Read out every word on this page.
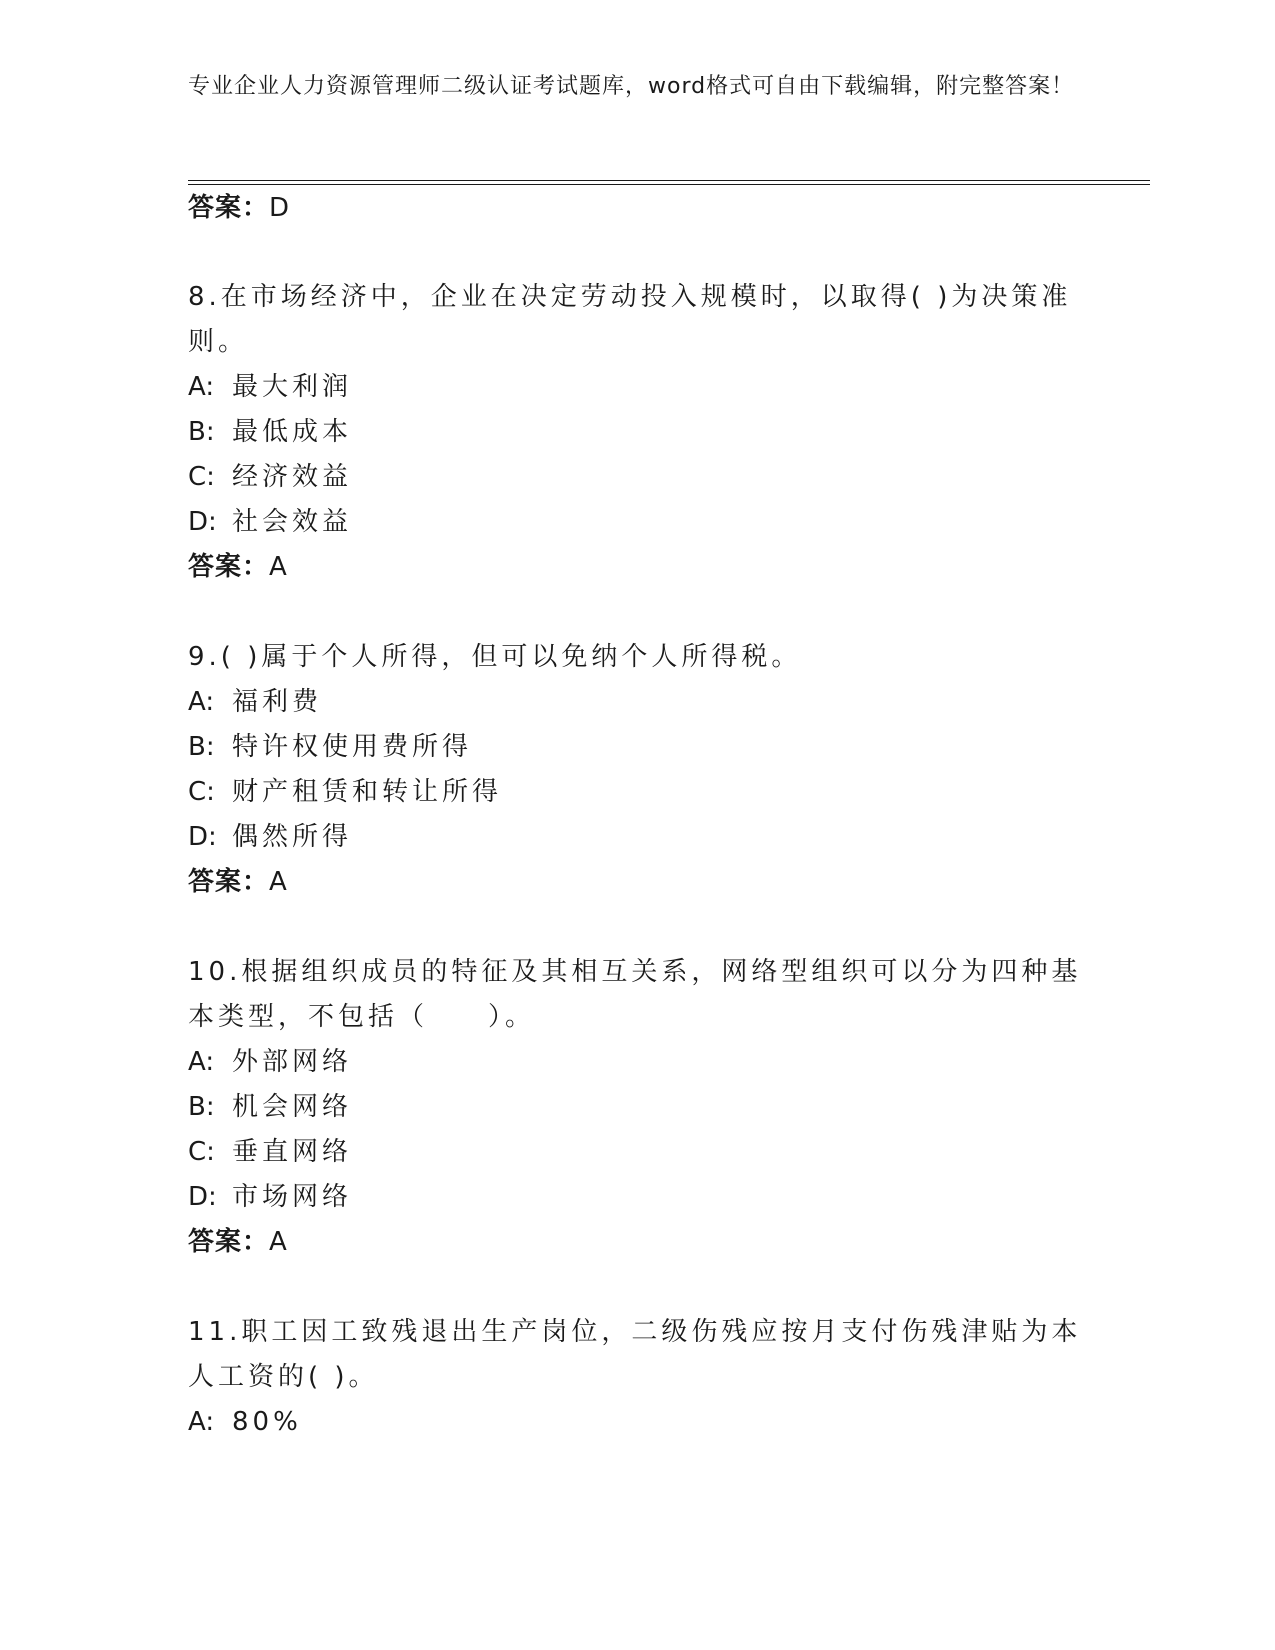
专业企业人力资源管理师二级认证考试题库，word格式可自由下载编辑，附完整答案！
答案：D
8.在市场经济中，企业在决定劳动投入规模时，以取得( )为决策准则。
A: 最大利润
B: 最低成本
C: 经济效益
D: 社会效益
答案：A
9.( )属于个人所得，但可以免纳个人所得税。
A: 福利费
B: 特许权使用费所得
C: 财产租赁和转让所得
D: 偶然所得
答案：A
10.根据组织成员的特征及其相互关系，网络型组织可以分为四种基本类型，不包括（　　）。
A: 外部网络
B: 机会网络
C: 垂直网络
D: 市场网络
答案：A
11.职工因工致残退出生产岗位，二级伤残应按月支付伤残津贴为本人工资的( )。
A: 80%
